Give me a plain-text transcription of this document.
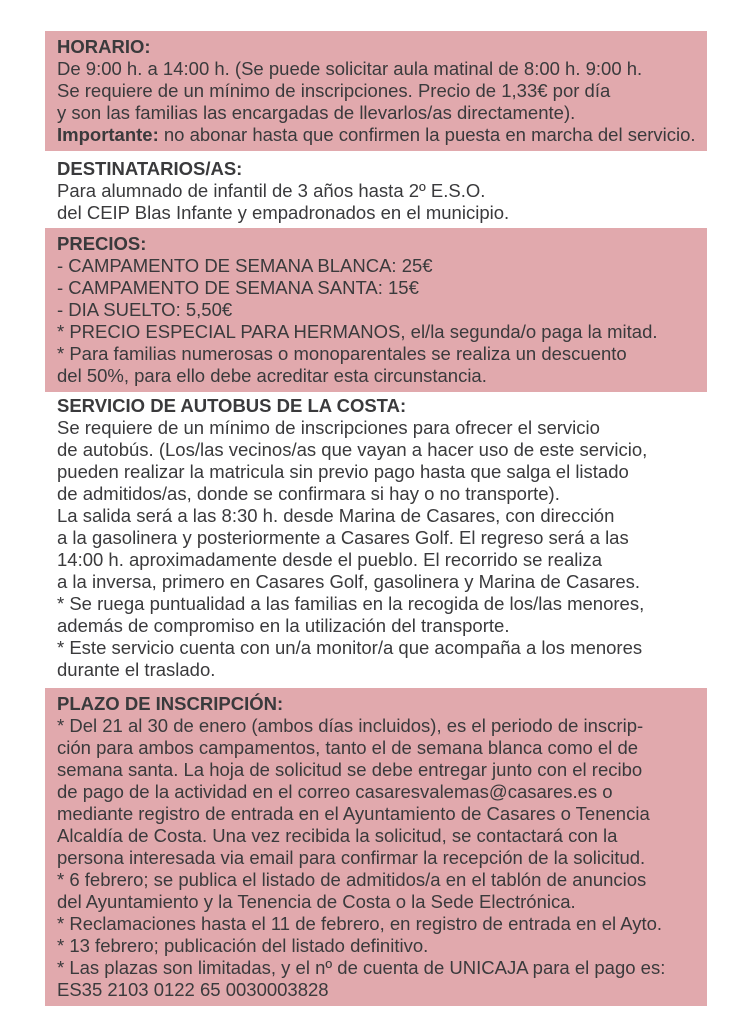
HORARIO:
De 9:00 h. a 14:00 h. (Se puede solicitar aula matinal de 8:00 h. 9:00 h.
Se requiere de un mínimo de inscripciones. Precio de 1,33€ por día
y son las familias las encargadas de llevarlos/as directamente).
Importante: no abonar hasta que confirmen la puesta en marcha del servicio.
DESTINATARIOS/AS:
Para alumnado de infantil de 3 años hasta 2º E.S.O.
del CEIP Blas Infante y empadronados en el municipio.
PRECIOS:
- CAMPAMENTO DE SEMANA BLANCA: 25€
- CAMPAMENTO DE SEMANA SANTA: 15€
- DIA SUELTO: 5,50€
* PRECIO ESPECIAL PARA HERMANOS, el/la segunda/o paga la mitad.
* Para familias numerosas o monoparentales se realiza un descuento
del 50%, para ello debe acreditar esta circunstancia.
SERVICIO DE AUTOBUS DE LA COSTA:
Se requiere de un mínimo de inscripciones para ofrecer el servicio
de autobús. (Los/las vecinos/as que vayan a hacer uso de este servicio,
pueden realizar la matricula sin previo pago hasta que salga el listado
de admitidos/as, donde se confirmara si hay o no transporte).
La salida será a las 8:30 h. desde Marina de Casares, con dirección
a la gasolinera y posteriormente a Casares Golf. El regreso será a las
14:00 h. aproximadamente desde el pueblo. El recorrido se realiza
a la inversa, primero en Casares Golf, gasolinera y Marina de Casares.
* Se ruega puntualidad a las familias en la recogida de los/las menores,
además de compromiso en la utilización del transporte.
* Este servicio cuenta con un/a monitor/a que acompaña a los menores
durante el traslado.
PLAZO DE INSCRIPCIÓN:
* Del 21 al 30 de enero (ambos días incluidos), es el periodo de inscrip-
ción para ambos campamentos, tanto el de semana blanca como el de
semana santa. La hoja de solicitud se debe entregar junto con el recibo
de pago de la actividad en el correo casaresvalemas@casares.es o
mediante registro de entrada en el Ayuntamiento de Casares o Tenencia
Alcaldía de Costa. Una vez recibida la solicitud, se contactará con la
persona interesada via email para confirmar la recepción de la solicitud.
* 6 febrero; se publica el listado de admitidos/a en el tablón de anuncios
del Ayuntamiento y la Tenencia de Costa o la Sede Electrónica.
* Reclamaciones hasta el 11 de febrero, en registro de entrada en el Ayto.
* 13 febrero; publicación del listado definitivo.
* Las plazas son limitadas, y el nº de cuenta de UNICAJA para el pago es:
ES35 2103 0122 65 0030003828
